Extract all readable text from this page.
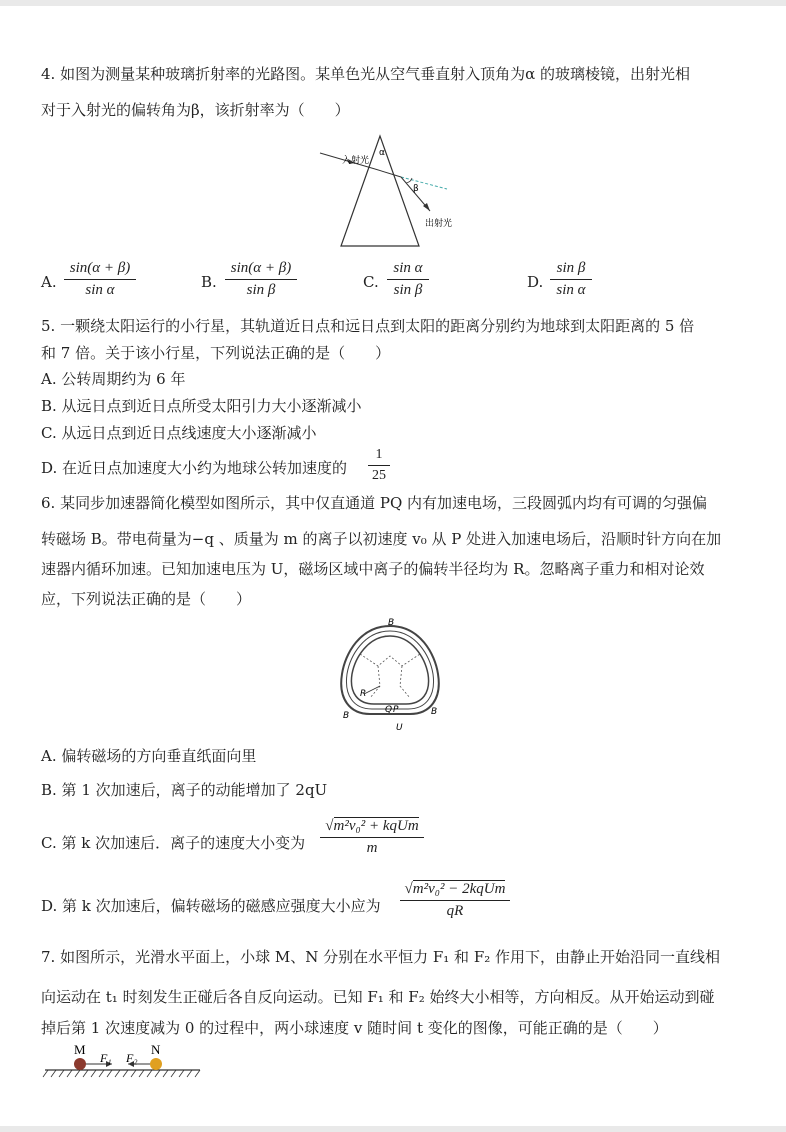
4. 如图为测量某种玻璃折射率的光路图。某单色光从空气垂直射入顶角为α 的玻璃棱镜，出射光相
对于入射光的偏转角为β，该折射率为（　　）
入射光
α
β
出射光
A. $\frac{\sin(\alpha + \beta)}{\text{sin α}}$	B. $\frac{\sin(\alpha + \beta)}{\text{sin β}}$	C. $\frac{\text{sin α}}{\text{sin β}}$	D. $\frac{\text{sin β}}{\text{sin α}}$
5. 一颗绕太阳运行的小行星，其轨道近日点和远日点到太阳的距离分别约为地球到太阳距离的 5 倍
和 7 倍。关于该小行星，下列说法正确的是（　　）
A. 公转周期约为 6 年
B. 从远日点到近日点所受太阳引力大小逐渐减小
C. 从远日点到近日点线速度大小逐渐减小
D. 在近日点加速度大小约为地球公转加速度的 $\frac{1}{25}$
6. 某同步加速器简化模型如图所示，其中仅直通道 PQ 内有加速电场，三段圆弧内均有可调的匀强偏
转磁场 B。带电荷量为−q 、质量为 m 的离子以初速度 v₀ 从 P 处进入加速电场后，沿顺时针方向在加
速器内循环加速。已知加速电压为 U，磁场区域中离子的偏转半径均为 R。忽略离子重力和相对论效
应，下列说法正确的是（　　）
B
R
B	B
Q P
U
A. 偏转磁场的方向垂直纸面向里
B. 第 1 次加速后，离子的动能增加了 2qU
C. 第 k 次加速后．离子的速度大小变为
√m²v₀² + kqUm
m
D. 第 k 次加速后，偏转磁场的磁感应强度大小应为
√m²v₀² − 2kqUm
qR
7. 如图所示，光滑水平面上，小球 M、N 分别在水平恒力 F₁ 和 F₂ 作用下，由静止开始沿同一直线相
向运动在 t₁ 时刻发生正碰后各自反向运动。已知 F₁ 和 F₂ 始终大小相等，方向相反。从开始运动到碰
掉后第 1 次速度减为 0 的过程中，两小球速度 v 随时间 t 变化的图像，可能正确的是（　　）
M	N
F₁ F₂
